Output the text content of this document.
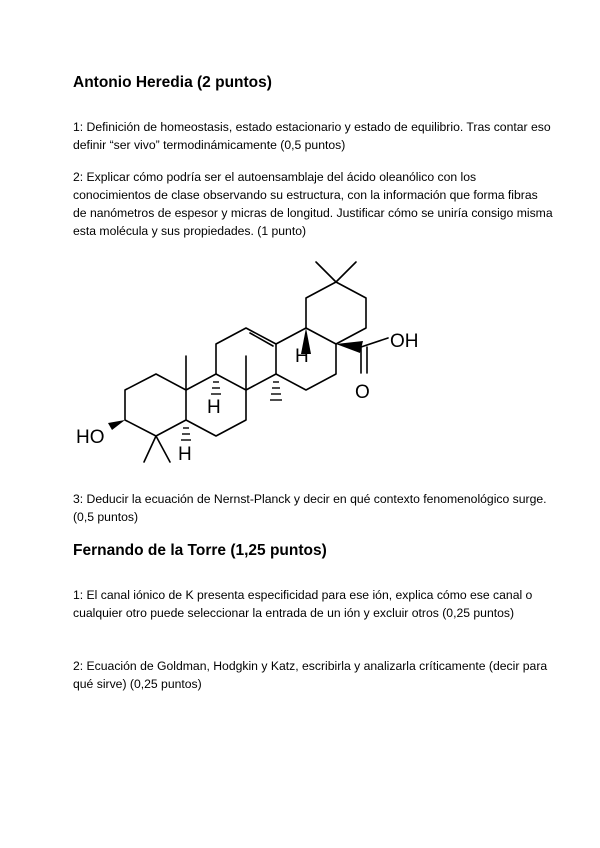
Antonio Heredia (2 puntos)

1: Definición de homeostasis, estado estacionario y estado de equilibrio. Tras contar eso definir “ser vivo” termodinámicamente (0,5 puntos)

2: Explicar cómo podría ser el autoensamblaje del ácido oleanólico con los conocimientos de clase observando su estructura, con la información que forma fibras de nanómetros de espesor y micras de longitud. Justificar cómo se uniría consigo misma esta molécula y sus propiedades. (1 punto)

HO
OH
O
H
H
H

3: Deducir la ecuación de Nernst-Planck y decir en qué contexto fenomenológico surge. (0,5 puntos)

Fernando de la Torre (1,25 puntos)

1: El canal iónico de K presenta especificidad para ese ión, explica cómo ese canal o cualquier otro puede seleccionar la entrada de un ión y excluir otros (0,25 puntos)

2: Ecuación de Goldman, Hodgkin y Katz, escribirla y analizarla críticamente (decir para qué sirve) (0,25 puntos)
